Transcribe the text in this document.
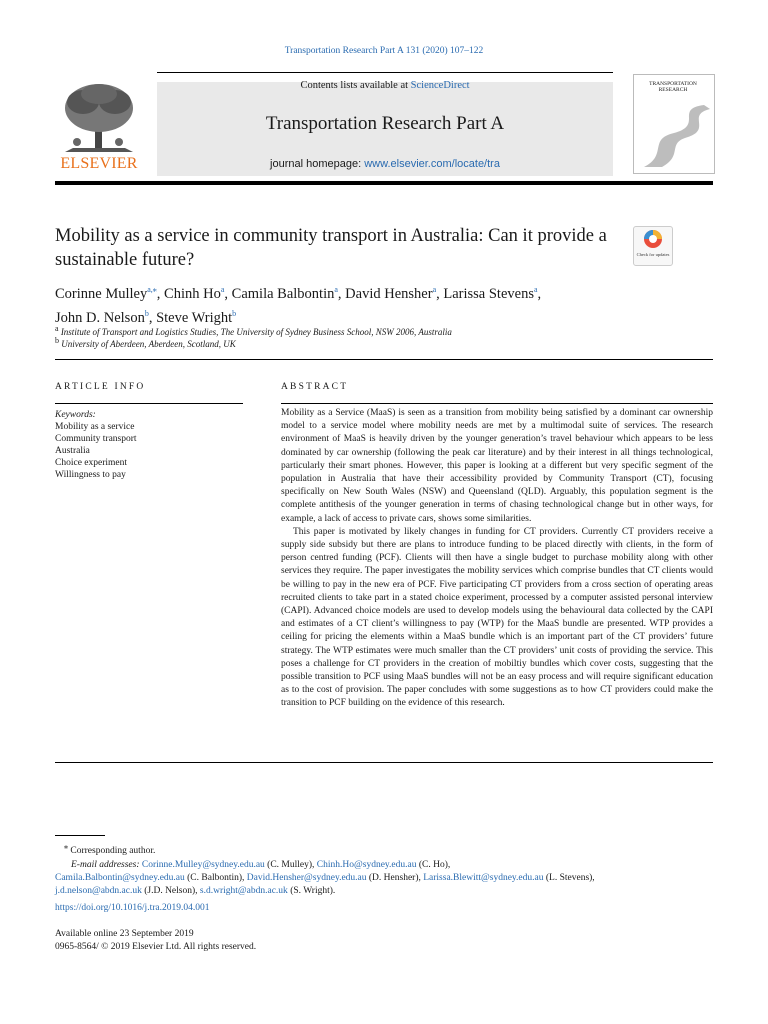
Transportation Research Part A 131 (2020) 107–122
ELSEVIER
Contents lists available at ScienceDirect
Transportation Research Part A
journal homepage: www.elsevier.com/locate/tra
TRANSPORTATION RESEARCH
Mobility as a service in community transport in Australia: Can it provide a sustainable future?	Check for updates
Corinne Mulley$^{a,⁎}$, Chinh Ho$^a$, Camila Balbontin$^a$, David Hensher$^a$, Larissa Stevens$^a$,
John D. Nelson$^b$, Steve Wright$^b$
$^a$ Institute of Transport and Logistics Studies, The University of Sydney Business School, NSW 2006, Australia
$^b$ University of Aberdeen, Aberdeen, Scotland, UK
ARTICLE INFO	ABSTRACT
Keywords:
Mobility as a service
Community transport
Australia
Choice experiment
Willingness to pay

Mobility as a Service (MaaS) is seen as a transition from mobility being satisfied by a dominant car ownership model to a service model where mobility needs are met by a multimodal suite of services. The research environment of MaaS is heavily driven by the younger generation’s travel behaviour which appears to be less dominated by car ownership (following the peak car literature) and by their interest in all things technological, particularly their smart phones. However, this paper is looking at a different but very specific segment of the population in Australia that have their accessibility provided by Community Transport (CT), focusing specifically on New South Wales (NSW) and Queensland (QLD). Arguably, this population segment is the complete antithesis of the younger generation in terms of chasing technological change but in other ways, for example, a lack of access to private cars, shows some similarities.

This paper is motivated by likely changes in funding for CT providers. Currently CT providers receive a supply side subsidy but there are plans to introduce funding to be placed directly with clients, in the form of person centred funding (PCF). Clients will then have a single budget to purchase mobility along with other services they require. The paper investigates the mobility services which comprise bundles that CT clients would be willing to pay in the new era of PCF. Five participating CT providers from a cross section of operating areas recruited clients to take part in a stated choice experiment, processed by a computer assisted personal interview (CAPI). Advanced choice models are used to develop models using the behavioural data collected by the CAPI and estimates of a CT client’s willingness to pay (WTP) for the MaaS bundle are presented. WTP provides a ceiling for pricing the elements within a MaaS bundle which is an important part of the CT providers’ future strategy. The WTP estimates were much smaller than the CT providers’ unit costs of providing the service. This poses a challenge for CT providers in the creation of mobiltiy bundles which cover costs, suggesting that the possible transition to PCF using MaaS bundles will not be an easy process and will require significant education as to the cost of provision. The paper concludes with some suggestions as to how CT providers could make the transition to PCF building on the evidence of this research.

⁎ Corresponding author.
E-mail addresses: Corinne.Mulley@sydney.edu.au (C. Mulley), Chinh.Ho@sydney.edu.au (C. Ho),
Camila.Balbontin@sydney.edu.au (C. Balbontin), David.Hensher@sydney.edu.au (D. Hensher), Larissa.Blewitt@sydney.edu.au (L. Stevens),
j.d.nelson@abdn.ac.uk (J.D. Nelson), s.d.wright@abdn.ac.uk (S. Wright).
https://doi.org/10.1016/j.tra.2019.04.001
Available online 23 September 2019
0965-8564/ © 2019 Elsevier Ltd. All rights reserved.
